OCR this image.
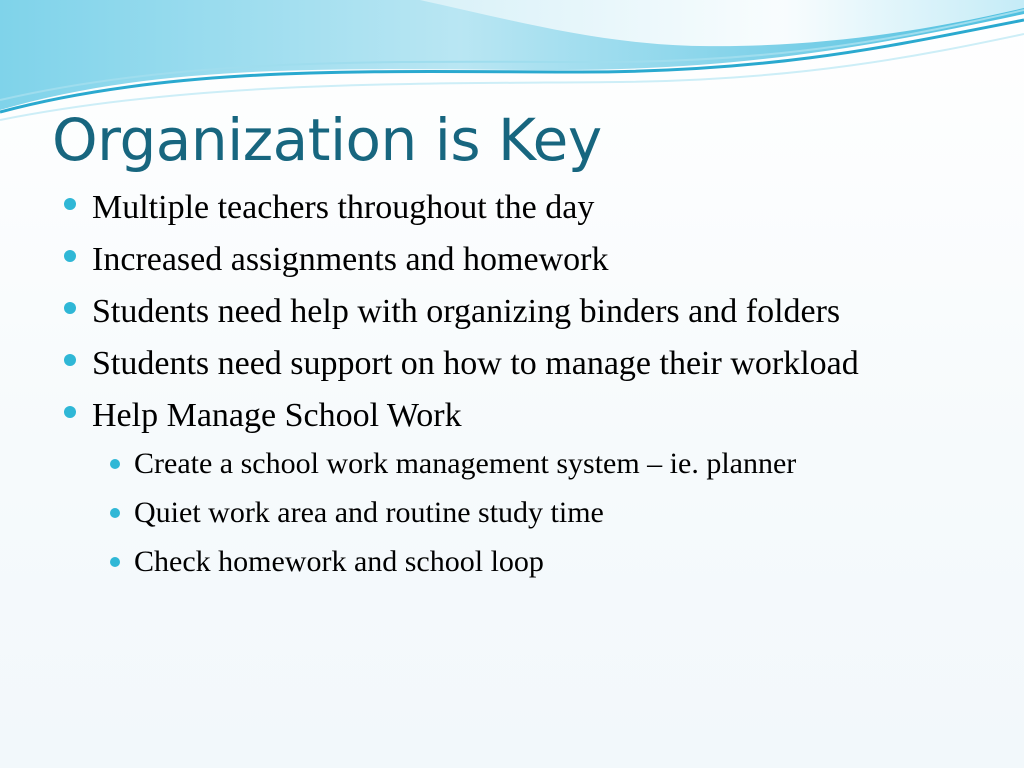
Organization is Key
Multiple teachers throughout the day
Increased assignments and homework
Students need help with organizing binders and folders
Students need support on how to manage their workload
Help Manage School Work
Create a school work management system – ie. planner
Quiet work area and routine study time
Check homework and school loop
